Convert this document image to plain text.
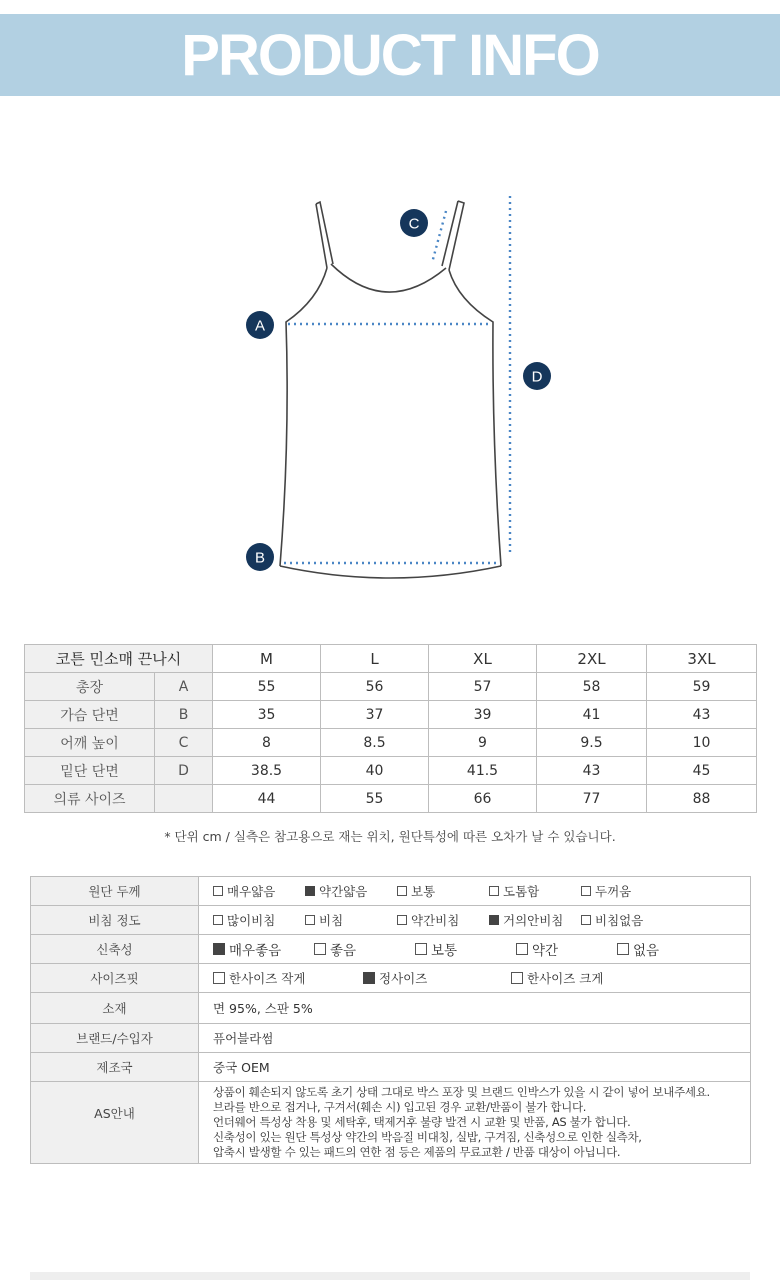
PRODUCT INFO
A
B
C
D
코튼 민소매 끈나시		M	L	XL	2XL	3XL
총장	A	55	56	57	58	59
가슴 단면	B	35	37	39	41	43
어깨 높이	C	8	8.5	9	9.5	10
밑단 단면	D	38.5	40	41.5	43	45
의류 사이즈		44	55	66	77	88
* 단위 cm / 실측은 참고용으로 재는 위치, 원단특성에 따른 오차가 날 수 있습니다.
원단 두께	매우얇음 약간얇음 보통 도톰함 두꺼움

비침 정도	많이비침 비침 약간비침 거의안비침 비침없음

신축성	매우좋음 좋음 보통 약간 없음

사이즈핏	한사이즈 작게 정사이즈 한사이즈 크게

소재	면 95%, 스판 5%
브랜드/수입자	퓨어블라썸
제조국	중국 OEM
AS안내	상품이 훼손되지 않도록 초기 상태 그대로 박스 포장 및 브랜드 인박스가 있을 시 같이 넣어 보내주세요.
브라를 반으로 접거나, 구겨서(훼손 시) 입고된 경우 교환/반품이 불가 합니다.
언더웨어 특성상 착용 및 세탁후, 택제거후 불량 발견 시 교환 및 반품, AS 불가 합니다.
신축성이 있는 원단 특성상 약간의 박음질 비대칭, 실밥, 구겨짐, 신축성으로 인한 실측차,
압축시 발생할 수 있는 패드의 연한 점 등은 제품의 무료교환 / 반품 대상이 아닙니다.
